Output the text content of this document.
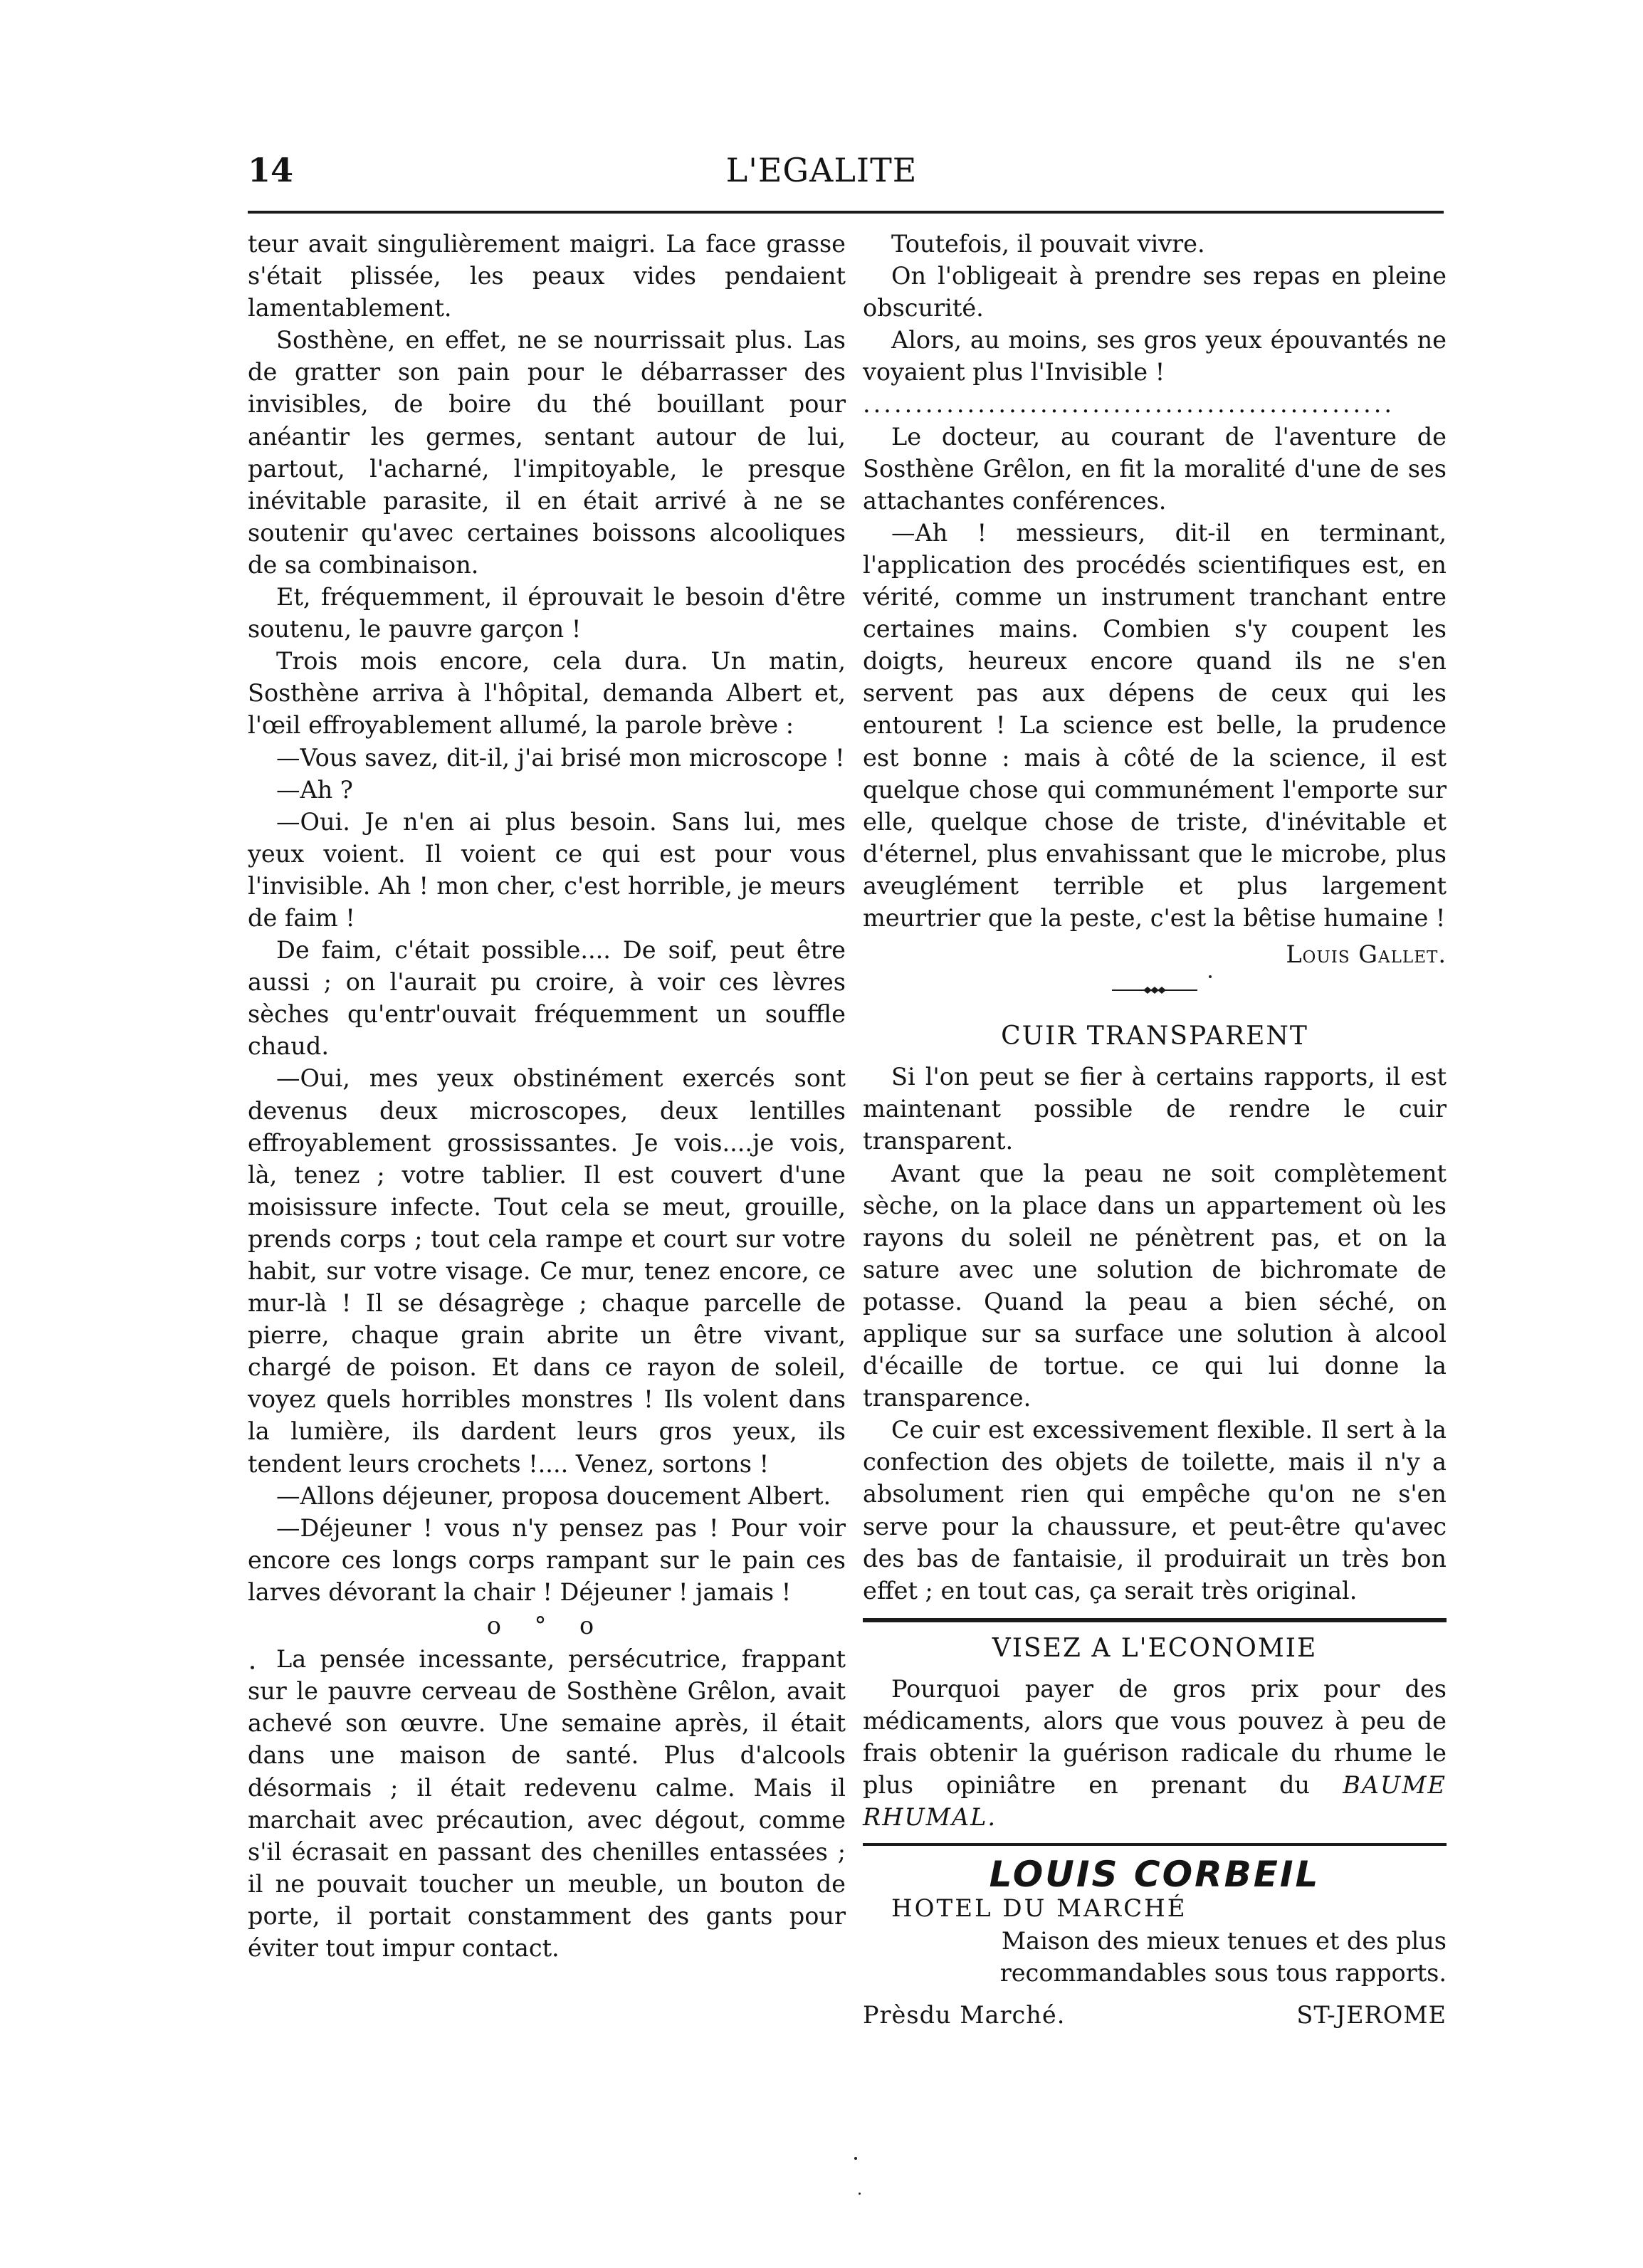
14	L'EGALITE

teur avait singulièrement maigri. La face grasse s'était plissée, les peaux vides pendaient lamentablement.

Sosthène, en effet, ne se nourrissait plus. Las de gratter son pain pour le débarrasser des invisibles, de boire du thé bouillant pour anéantir les germes, sentant autour de lui, partout, l'acharné, l'impitoyable, le presque inévitable parasite, il en était arrivé à ne se soutenir qu'avec certaines boissons alcooliques de sa combinaison.

Et, fréquemment, il éprouvait le besoin d'être soutenu, le pauvre garçon !

Trois mois encore, cela dura. Un matin, Sosthène arriva à l'hôpital, demanda Albert et, l'œil effroyablement allumé, la parole brève :

—Vous savez, dit-il, j'ai brisé mon microscope !

—Ah ?

—Oui. Je n'en ai plus besoin. Sans lui, mes yeux voient. Il voient ce qui est pour vous l'invisible. Ah ! mon cher, c'est horrible, je meurs de faim !

De faim, c'était possible.... De soif, peut être aussi ; on l'aurait pu croire, à voir ces lèvres sèches qu'entr'ouvait fréquemment un souffle chaud.

—Oui, mes yeux obstinément exercés sont devenus deux microscopes, deux lentilles effroyablement grossissantes. Je vois....je vois, là, tenez ; votre tablier. Il est couvert d'une moisissure infecte. Tout cela se meut, grouille, prends corps ; tout cela rampe et court sur votre habit, sur votre visage. Ce mur, tenez encore, ce mur-là ! Il se désagrège ; chaque parcelle de pierre, chaque grain abrite un être vivant, chargé de poison. Et dans ce rayon de soleil, voyez quels horribles monstres ! Ils volent dans la lumière, ils dardent leurs gros yeux, ils tendent leurs crochets !.... Venez, sortons !

—Allons déjeuner, proposa doucement Albert.

—Déjeuner ! vous n'y pensez pas ! Pour voir encore ces longs corps rampant sur le pain ces larves dévorant la chair ! Déjeuner ! jamais !

o ° o

La pensée incessante, persécutrice, frappant sur le pauvre cerveau de Sosthène Grêlon, avait achevé son œuvre. Une semaine après, il était dans une maison de santé. Plus d'alcools désormais ; il était redevenu calme. Mais il marchait avec précaution, avec dégout, comme s'il écrasait en passant des chenilles entassées ; il ne pouvait toucher un meuble, un bouton de porte, il portait constamment des gants pour éviter tout impur contact.

Toutefois, il pouvait vivre.

On l'obligeait à prendre ses repas en pleine obscurité.

Alors, au moins, ses gros yeux épouvantés ne voyaient plus l'Invisible !

...................................................

Le docteur, au courant de l'aventure de Sosthène Grêlon, en fit la moralité d'une de ses attachantes conférences.

—Ah ! messieurs, dit-il en terminant, l'application des procédés scientifiques est, en vérité, comme un instrument tranchant entre certaines mains. Combien s'y coupent les doigts, heureux encore quand ils ne s'en servent pas aux dépens de ceux qui les entourent ! La science est belle, la prudence est bonne : mais à côté de la science, il est quelque chose qui communément l'emporte sur elle, quelque chose de triste, d'inévitable et d'éternel, plus envahissant que le microbe, plus aveuglément terrible et plus largement meurtrier que la peste, c'est la bêtise humaine !

Louis Gallet.
CUIR TRANSPARENT

Si l'on peut se fier à certains rapports, il est maintenant possible de rendre le cuir transparent.

Avant que la peau ne soit complètement sèche, on la place dans un appartement où les rayons du soleil ne pénètrent pas, et on la sature avec une solution de bichromate de potasse. Quand la peau a bien séché, on applique sur sa surface une solution à alcool d'écaille de tortue. ce qui lui donne la transparence.

Ce cuir est excessivement flexible. Il sert à la confection des objets de toilette, mais il n'y a absolument rien qui empêche qu'on ne s'en serve pour la chaussure, et peut-être qu'avec des bas de fantaisie, il produirait un très bon effet ; en tout cas, ça serait très original.

VISEZ A L'ECONOMIE

Pourquoi payer de gros prix pour des médicaments, alors que vous pouvez à peu de frais obtenir la guérison radicale du rhume le plus opiniâtre en prenant du BAUME RHUMAL.

LOUIS CORBEIL

HOTEL DU MARCHÉ

Maison des mieux tenues et des plus recommandables sous tous rapports.

Prèsdu Marché.	ST-JEROME
